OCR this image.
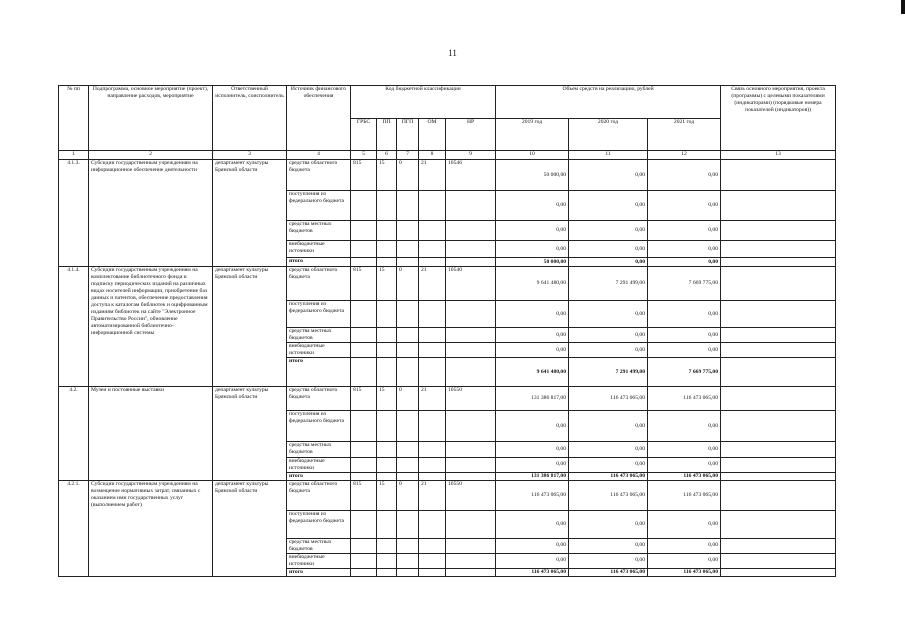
11
№ пп	Подпрограмма, основное мероприятие (проект), направление расходов, мероприятие	Ответственный исполнитель, соисполнитель	Источник финансового обеспечения	Код бюджетной классификации					Объем средств на реализацию, рублей			Связь основного мероприятия, проекта (программы) с целевыми показателями (индикаторами) (порядковые номера показателей (индикаторов))
				ГРБС	ПП	ПГП	ОМ	НР	2019 год	2020 год	2021 год	
1	2	3	4	5	6	7	8	9	10	11	12	13
4.1.3.	Субсидии государственным учреждениям на информационное обеспечение деятельности	департамент культуры Брянской области	средства областного бюджета	815	15	0	21	10546	50 000,00	0,00	0,00	
			поступления из федерального бюджета						0,00	0,00	0,00	
			средства местных бюджетов						0,00	0,00	0,00	
			внебюджетные источники						0,00	0,00	0,00	
			итого						50 000,00	0,00	0,00	
4.1.4.	Субсидии государственным учреждениям на комплектование библиотечного фонда и подписку периодических изданий на различных видах носителей информации, приобретение баз данных и патентов, обеспечение предоставления доступа к каталогам библиотек и оцифрованным изданиям библиотек на сайте "Электронное Правительство России", обновление автоматизированной библиотечно-информационной системы	департамент культуры Брянской области	средства областного бюджета	815	15	0	21	10540	9 641 480,00	7 291 499,00	7 669 775,00	
			поступления из федерального бюджета						0,00	0,00	0,00	
			средства местных бюджетов						0,00	0,00	0,00	
			внебюджетные источники						0,00	0,00	0,00	
			итого						9 641 480,00	7 291 499,00	7 669 775,00	
4.2.	Музеи и постоянные выставки	департамент культуры Брянской области	средства областного бюджета	815	15	0	21	10550	131 386 817,00	116 473 065,00	116 473 065,00	
			поступления из федерального бюджета						0,00	0,00	0,00	
			средства местных бюджетов						0,00	0,00	0,00	
			внебюджетные источники						0,00	0,00	0,00	
			итого						131 386 817,00	116 473 065,00	116 473 065,00	
4.2.1.	Субсидии государственным учреждениям на возмещение нормативных затрат, связанных с оказанием ими государственных услуг (выполнением работ)	департамент культуры Брянской области	средства областного бюджета	815	15	0	21	10550	116 473 065,00	116 473 065,00	116 473 065,00	
			поступления из федерального бюджета						0,00	0,00	0,00	
			средства местных бюджетов						0,00	0,00	0,00	
			внебюджетные источники						0,00	0,00	0,00	
			итого						116 473 065,00	116 473 065,00	116 473 065,00	
